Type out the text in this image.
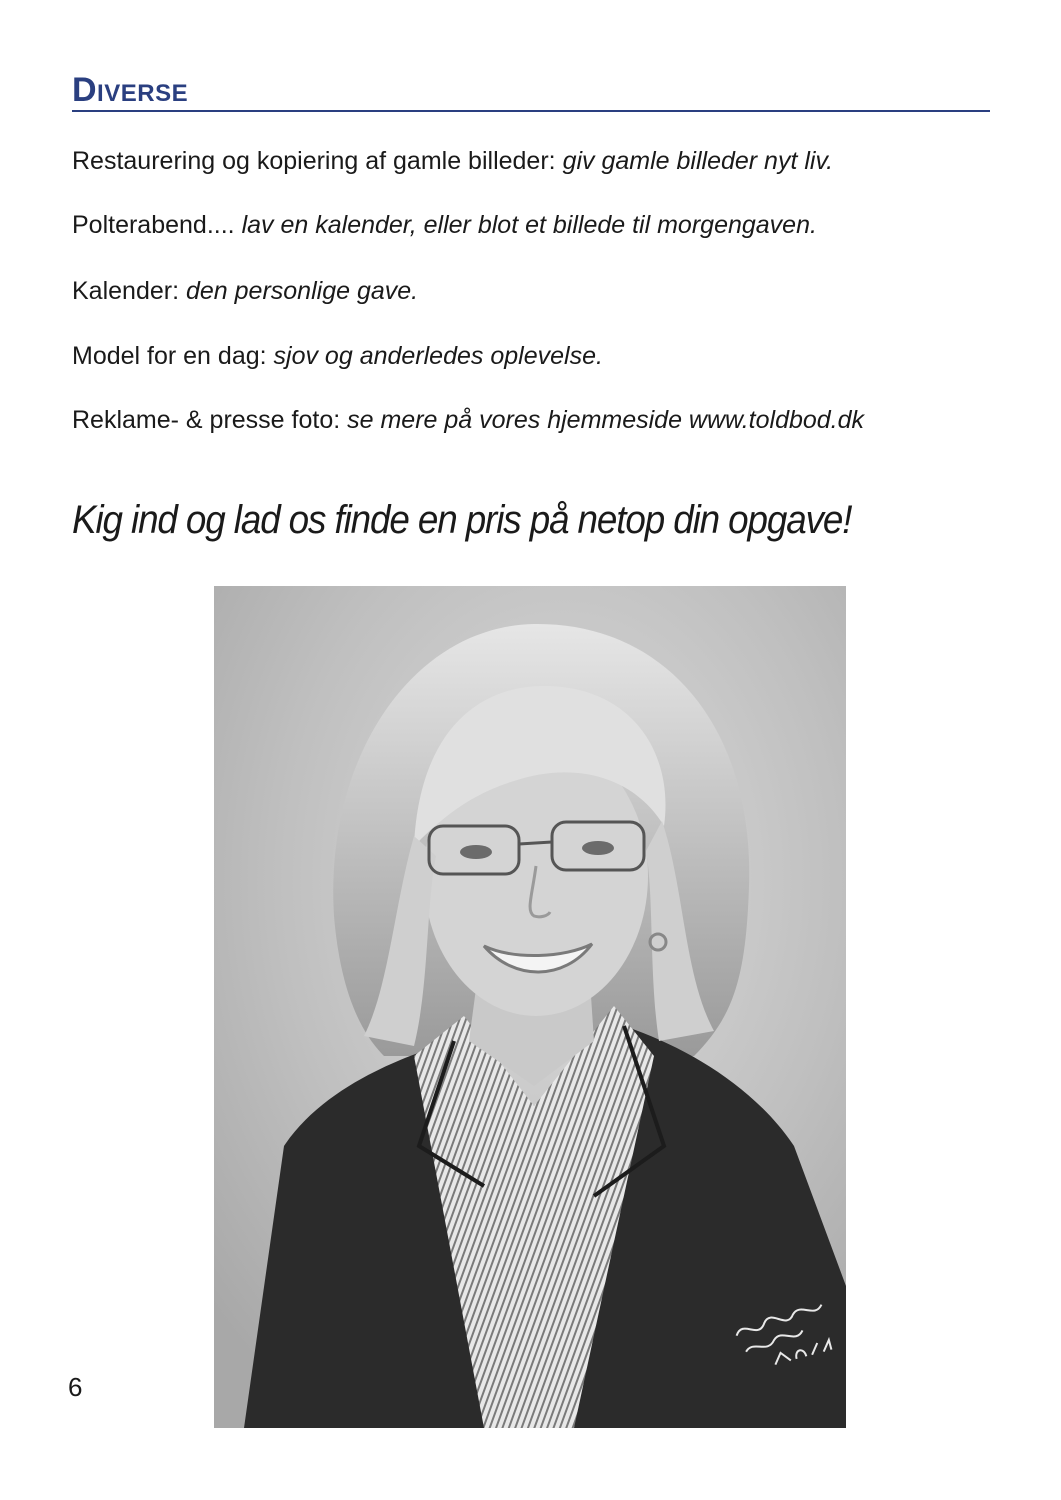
Diverse
Restaurering og kopiering af gamle billeder: giv gamle billeder nyt liv.
Polterabend.... lav en kalender, eller blot et billede til morgengaven.
Kalender: den personlige gave.
Model for en dag: sjov og anderledes oplevelse.
Reklame- & presse foto: se mere på vores hjemmeside www.toldbod.dk
Kig ind og lad os finde en pris på netop din opgave!
6
